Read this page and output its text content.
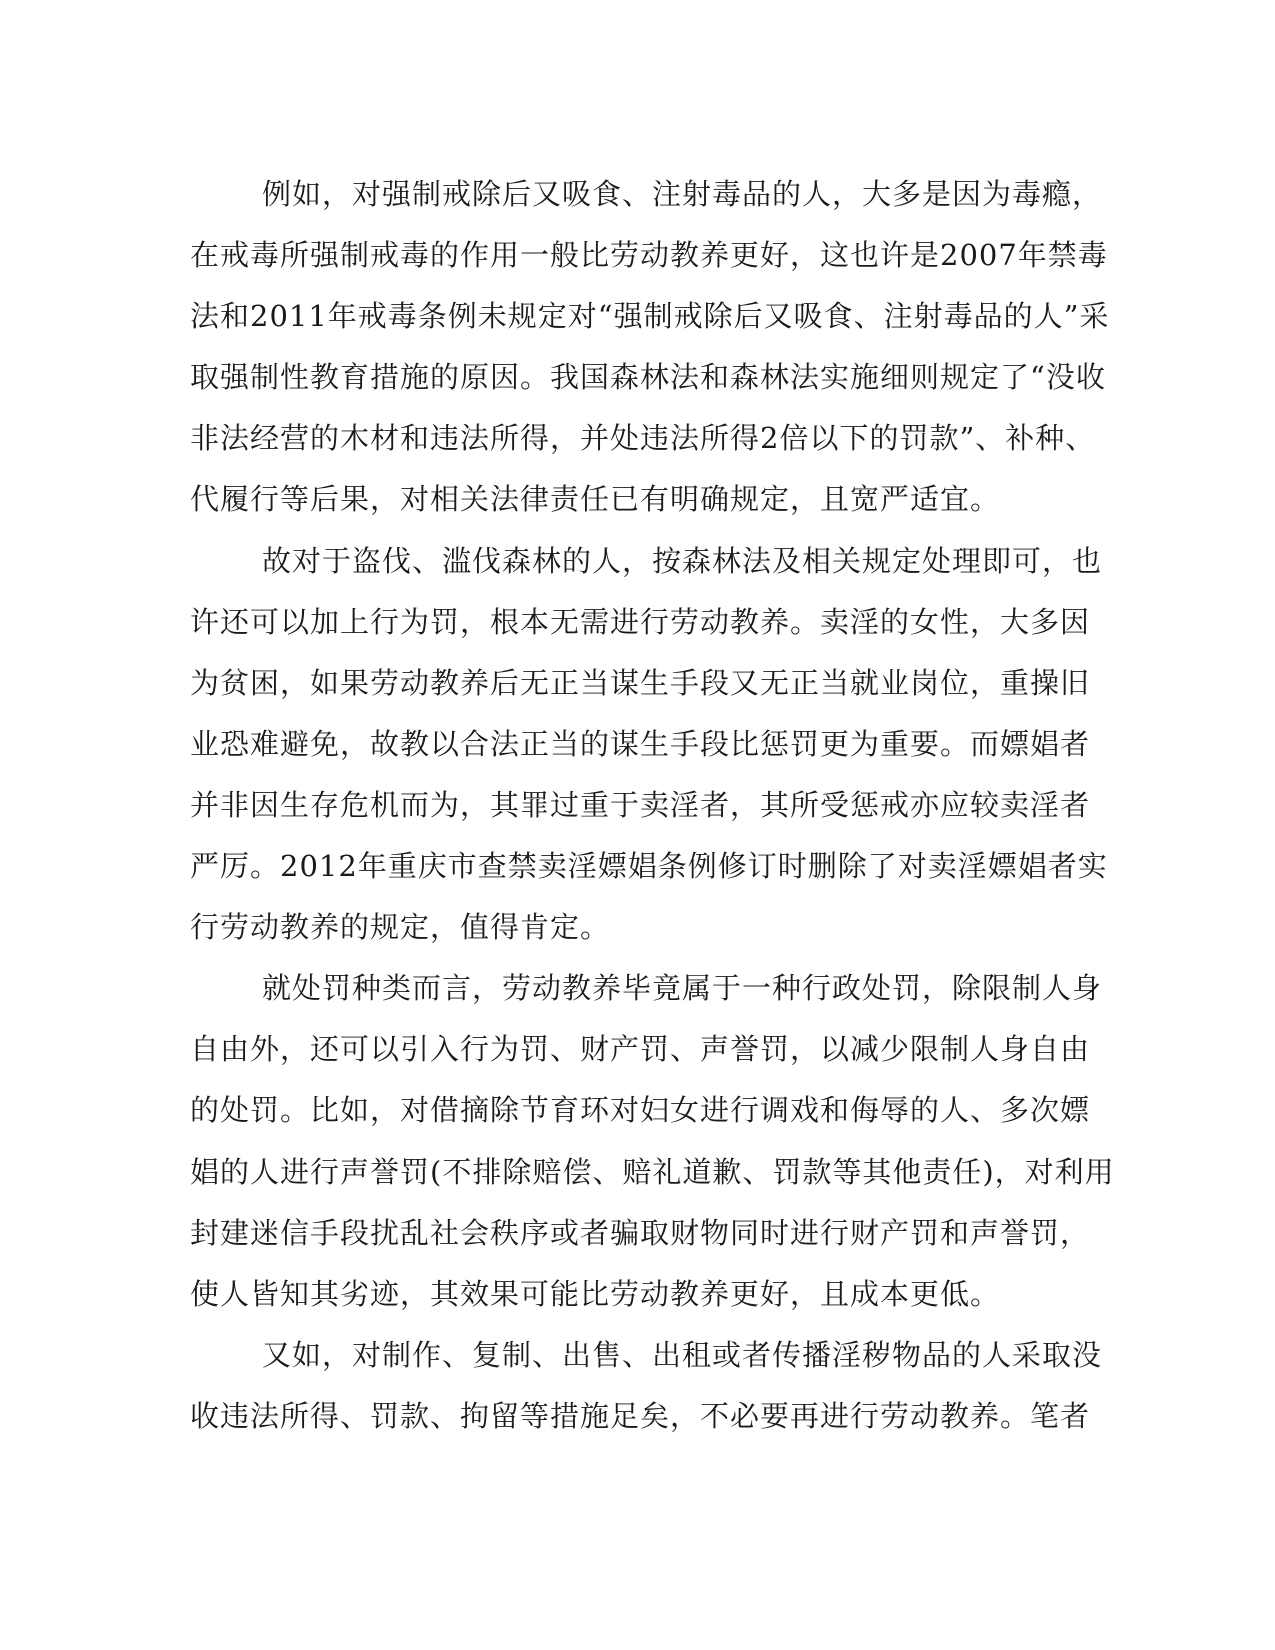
例如，对强制戒除后又吸食、注射毒品的人，大多是因为毒瘾，
在戒毒所强制戒毒的作用一般比劳动教养更好，这也许是2007年禁毒
法和2011年戒毒条例未规定对“强制戒除后又吸食、注射毒品的人”采
取强制性教育措施的原因。我国森林法和森林法实施细则规定了“没收
非法经营的木材和违法所得，并处违法所得2倍以下的罚款”、补种、
代履行等后果，对相关法律责任已有明确规定，且宽严适宜。
故对于盗伐、滥伐森林的人，按森林法及相关规定处理即可，也
许还可以加上行为罚，根本无需进行劳动教养。卖淫的女性，大多因
为贫困，如果劳动教养后无正当谋生手段又无正当就业岗位，重操旧
业恐难避免，故教以合法正当的谋生手段比惩罚更为重要。而嫖娼者
并非因生存危机而为，其罪过重于卖淫者，其所受惩戒亦应较卖淫者
严厉。2012年重庆市查禁卖淫嫖娼条例修订时删除了对卖淫嫖娼者实
行劳动教养的规定，值得肯定。
就处罚种类而言，劳动教养毕竟属于一种行政处罚，除限制人身
自由外，还可以引入行为罚、财产罚、声誉罚，以减少限制人身自由
的处罚。比如，对借摘除节育环对妇女进行调戏和侮辱的人、多次嫖
娼的人进行声誉罚(不排除赔偿、赔礼道歉、罚款等其他责任)，对利用
封建迷信手段扰乱社会秩序或者骗取财物同时进行财产罚和声誉罚，
使人皆知其劣迹，其效果可能比劳动教养更好，且成本更低。
又如，对制作、复制、出售、出租或者传播淫秽物品的人采取没
收违法所得、罚款、拘留等措施足矣，不必要再进行劳动教养。笔者
